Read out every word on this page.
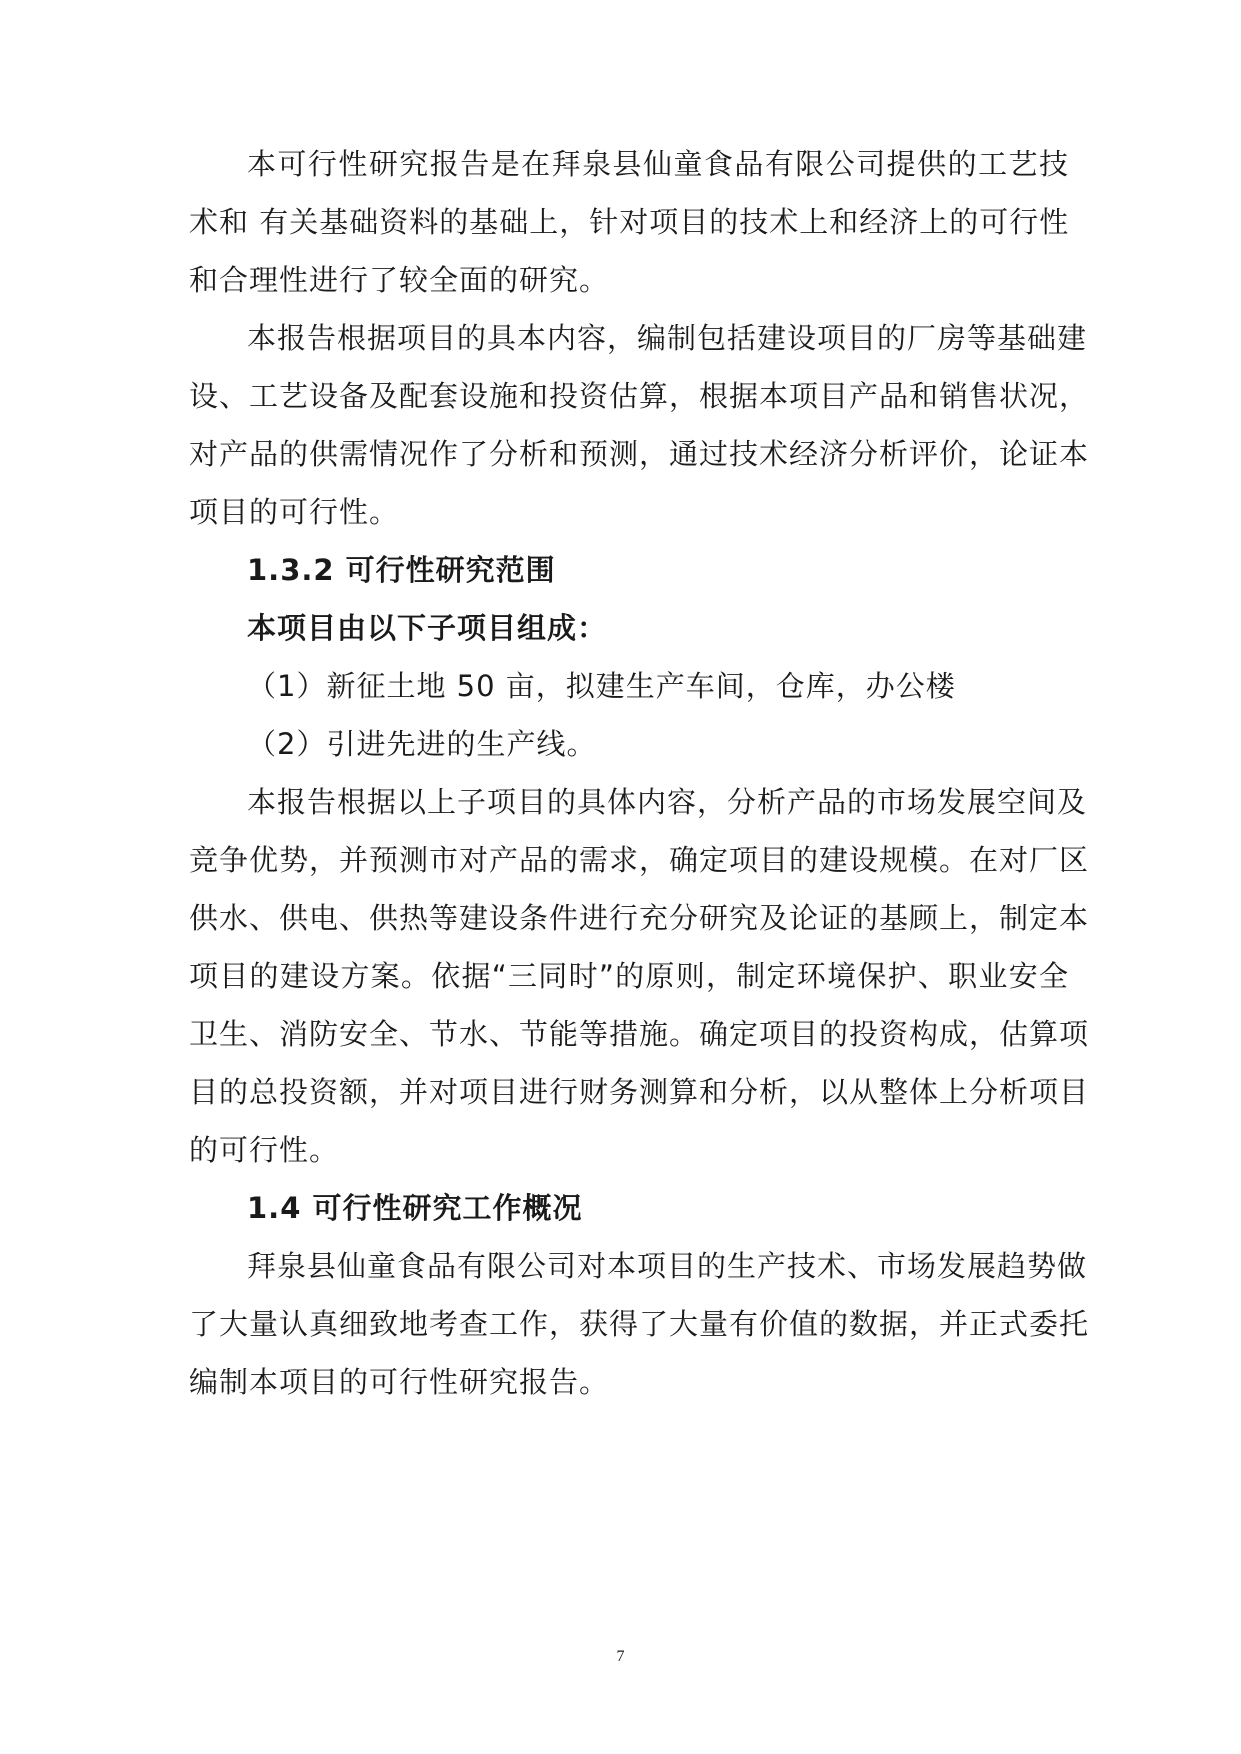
本可行性研究报告是在拜泉县仙童食品有限公司提供的工艺技
术和 有关基础资料的基础上，针对项目的技术上和经济上的可行性
和合理性进行了较全面的研究。
本报告根据项目的具本内容，编制包括建设项目的厂房等基础建
设、工艺设备及配套设施和投资估算，根据本项目产品和销售状况，
对产品的供需情况作了分析和预测，通过技术经济分析评价，论证本
项目的可行性。
1.3.2 可行性研究范围
本项目由以下子项目组成：
（1）新征土地 50 亩，拟建生产车间，仓库，办公楼
（2）引进先进的生产线。
本报告根据以上子项目的具体内容，分析产品的市场发展空间及
竞争优势，并预测市对产品的需求，确定项目的建设规模。在对厂区
供水、供电、供热等建设条件进行充分研究及论证的基顾上，制定本
项目的建设方案。依据“三同时”的原则，制定环境保护、职业安全
卫生、消防安全、节水、节能等措施。确定项目的投资构成，估算项
目的总投资额，并对项目进行财务测算和分析，以从整体上分析项目
的可行性。
1.4 可行性研究工作概况
拜泉县仙童食品有限公司对本项目的生产技术、市场发展趋势做
了大量认真细致地考查工作，获得了大量有价值的数据，并正式委托
编制本项目的可行性研究报告。
7
